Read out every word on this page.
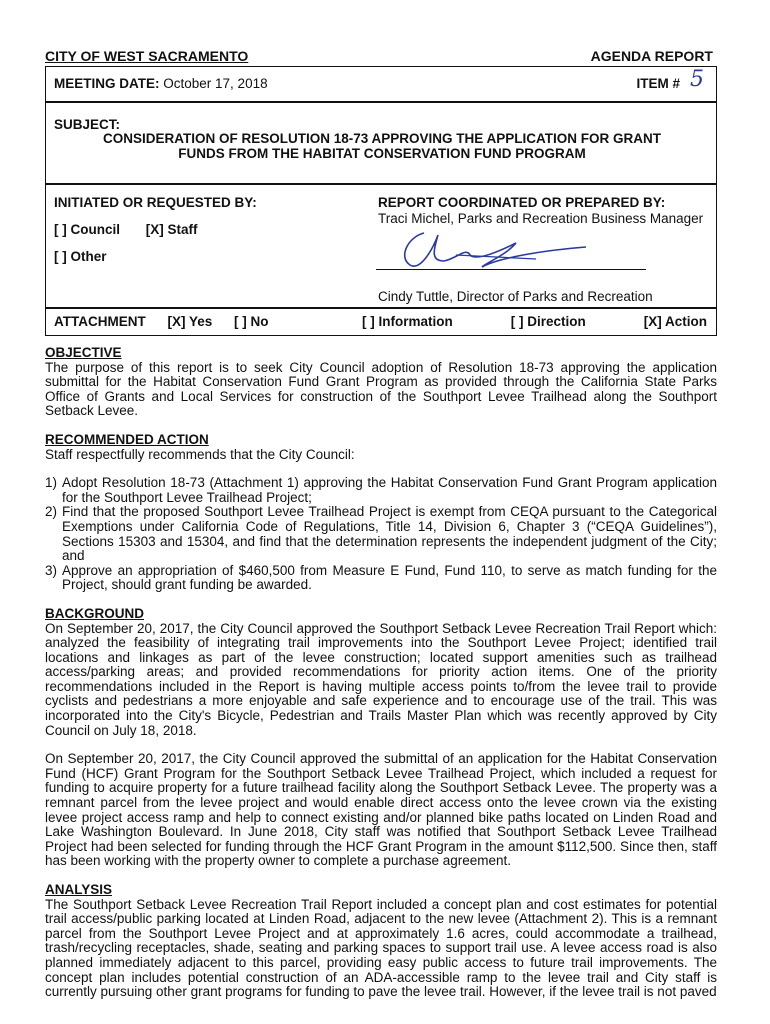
CITY OF WEST SACRAMENTO	AGENDA REPORT
MEETING DATE: October 17, 2018	ITEM # 5
SUBJECT:
CONSIDERATION OF RESOLUTION 18-73 APPROVING THE APPLICATION FOR GRANT
FUNDS FROM THE HABITAT CONSERVATION FUND PROGRAM
INITIATED OR REQUESTED BY:
[ ] Council [X] Staff
[ ] Other
REPORT COORDINATED OR PREPARED BY:
Traci Michel, Parks and Recreation Business Manager
Cindy Tuttle, Director of Parks and Recreation
ATTACHMENT [X] Yes [ ] No	[ ] Information	[ ] Direction	[X] Action
OBJECTIVE

The purpose of this report is to seek City Council adoption of Resolution 18-73 approving the application submittal for the Habitat Conservation Fund Grant Program as provided through the California State Parks Office of Grants and Local Services for construction of the Southport Levee Trailhead along the Southport Setback Levee.

RECOMMENDED ACTION

Staff respectfully recommends that the City Council:

1) Adopt Resolution 18-73 (Attachment 1) approving the Habitat Conservation Fund Grant Program application for the Southport Levee Trailhead Project;
2) Find that the proposed Southport Levee Trailhead Project is exempt from CEQA pursuant to the Categorical Exemptions under California Code of Regulations, Title 14, Division 6, Chapter 3 (“CEQA Guidelines”), Sections 15303 and 15304, and find that the determination represents the independent judgment of the City; and
3) Approve an appropriation of $460,500 from Measure E Fund, Fund 110, to serve as match funding for the Project, should grant funding be awarded.
BACKGROUND

On September 20, 2017, the City Council approved the Southport Setback Levee Recreation Trail Report which: analyzed the feasibility of integrating trail improvements into the Southport Levee Project; identified trail locations and linkages as part of the levee construction; located support amenities such as trailhead access/parking areas; and provided recommendations for priority action items. One of the priority recommendations included in the Report is having multiple access points to/from the levee trail to provide cyclists and pedestrians a more enjoyable and safe experience and to encourage use of the trail. This was incorporated into the City's Bicycle, Pedestrian and Trails Master Plan which was recently approved by City Council on July 18, 2018.

On September 20, 2017, the City Council approved the submittal of an application for the Habitat Conservation Fund (HCF) Grant Program for the Southport Setback Levee Trailhead Project, which included a request for funding to acquire property for a future trailhead facility along the Southport Setback Levee. The property was a remnant parcel from the levee project and would enable direct access onto the levee crown via the existing levee project access ramp and help to connect existing and/or planned bike paths located on Linden Road and Lake Washington Boulevard. In June 2018, City staff was notified that Southport Setback Levee Trailhead Project had been selected for funding through the HCF Grant Program in the amount $112,500. Since then, staff has been working with the property owner to complete a purchase agreement.

ANALYSIS

The Southport Setback Levee Recreation Trail Report included a concept plan and cost estimates for potential trail access/public parking located at Linden Road, adjacent to the new levee (Attachment 2). This is a remnant parcel from the Southport Levee Project and at approximately 1.6 acres, could accommodate a trailhead, trash/recycling receptacles, shade, seating and parking spaces to support trail use. A levee access road is also planned immediately adjacent to this parcel, providing easy public access to future trail improvements. The concept plan includes potential construction of an ADA-accessible ramp to the levee trail and City staff is currently pursuing other grant programs for funding to pave the levee trail. However, if the levee trail is not paved
